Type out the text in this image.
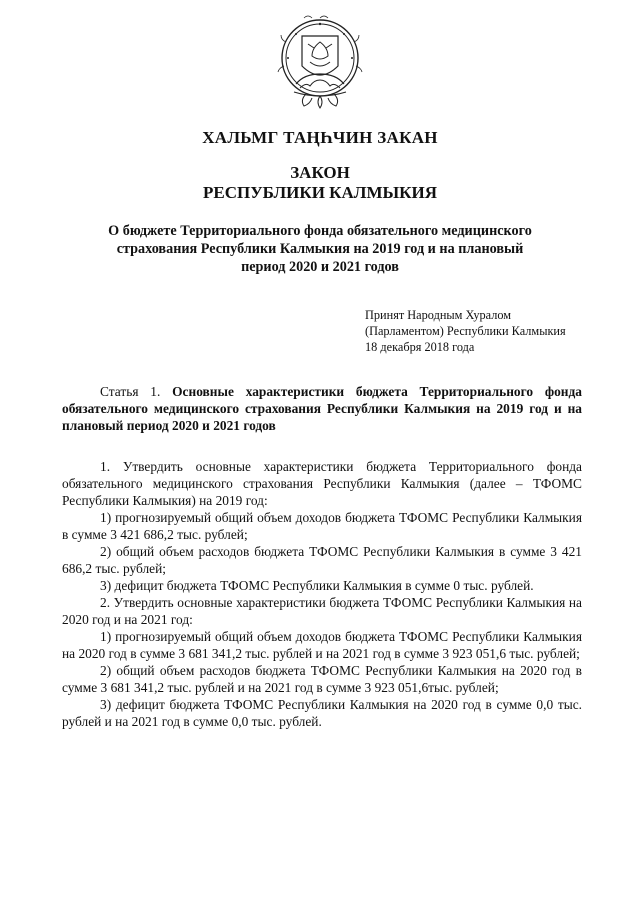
ХАЛЬМГ ТАҢҺЧИН ЗАКАН
ЗАКОН
РЕСПУБЛИКИ КАЛМЫКИЯ
О бюджете Территориального фонда обязательного медицинского страхования Республики Калмыкия на 2019 год и на плановый период 2020 и 2021 годов
Принят Народным Хуралом
(Парламентом) Республики Калмыкия
18 декабря 2018 года
Статья 1. Основные характеристики бюджета Территориального фонда обязательного медицинского страхования Республики Калмыкия на 2019 год и на плановый период 2020 и 2021 годов

1. Утвердить основные характеристики бюджета Территориального фонда обязательного медицинского страхования Республики Калмыкия (далее – ТФОМС Республики Калмыкия) на 2019 год:

1) прогнозируемый общий объем доходов бюджета ТФОМС Республики Калмыкия в сумме 3 421 686,2 тыс. рублей;

2) общий объем расходов бюджета ТФОМС Республики Калмыкия в сумме 3 421 686,2 тыс. рублей;

3) дефицит бюджета ТФОМС Республики Калмыкия в сумме 0 тыс. рублей.

2. Утвердить основные характеристики бюджета ТФОМС Республики Калмыкия на 2020 год и на 2021 год:

1) прогнозируемый общий объем доходов бюджета ТФОМС Республики Калмыкия на 2020 год в сумме 3 681 341,2 тыс. рублей и на 2021 год в сумме 3 923 051,6 тыс. рублей;

2) общий объем расходов бюджета ТФОМС Республики Калмыкия на 2020 год в сумме 3 681 341,2 тыс. рублей и на 2021 год в сумме 3 923 051,6тыс. рублей;

3) дефицит бюджета ТФОМС Республики Калмыкия на 2020 год в сумме 0,0 тыс. рублей и на 2021 год в сумме 0,0 тыс. рублей.
